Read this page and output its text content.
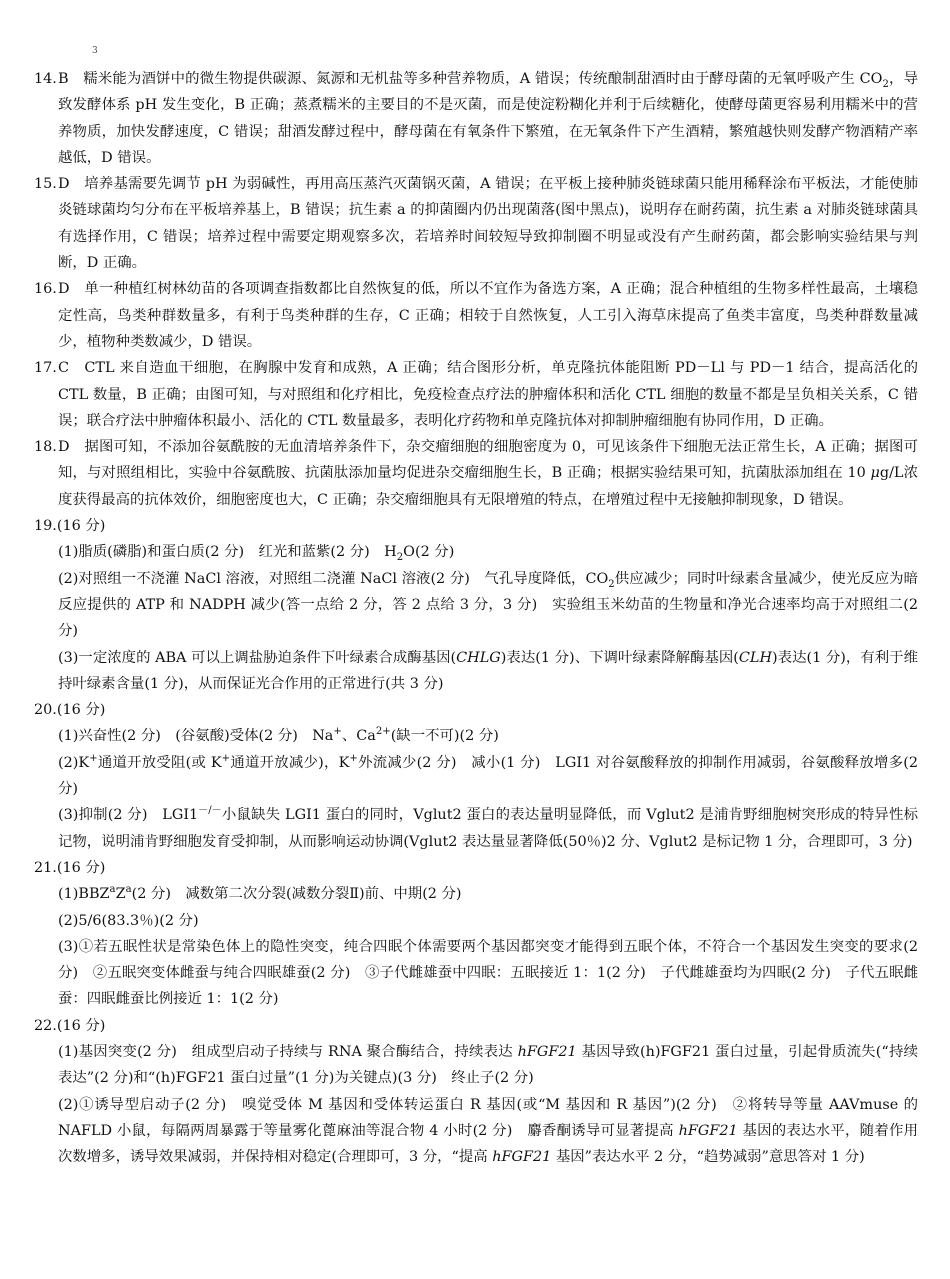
3
14. B　糯米能为酒饼中的微生物提供碳源、氮源和无机盐等多种营养物质，A 错误；传统酿制甜酒时由于酵母菌的无氧呼吸产生 $CO_2$，导致发酵体系 pH 发生变化，B 正确；蒸煮糯米的主要目的不是灭菌，而是使淀粉糊化并利于后续糖化，使酵母菌更容易利用糯米中的营养物质，加快发酵速度，C 错误；甜酒发酵过程中，酵母菌在有氧条件下繁殖，在无氧条件下产生酒精，繁殖越快则发酵产物酒精产率越低，D 错误。
15. D　培养基需要先调节 pH 为弱碱性，再用高压蒸汽灭菌锅灭菌，A 错误；在平板上接种肺炎链球菌只能用稀释涂布平板法，才能使肺炎链球菌均匀分布在平板培养基上，B 错误；抗生素 a 的抑菌圈内仍出现菌落(图中黑点)，说明存在耐药菌，抗生素 a 对肺炎链球菌具有选择作用，C 错误；培养过程中需要定期观察多次，若培养时间较短导致抑制圈不明显或没有产生耐药菌，都会影响实验结果与判断，D 正确。
16. D　单一种植红树林幼苗的各项调查指数都比自然恢复的低，所以不宜作为备选方案，A 正确；混合种植组的生物多样性最高，土壤稳定性高，鸟类种群数量多，有利于鸟类种群的生存，C 正确；相较于自然恢复，人工引入海草床提高了鱼类丰富度，鸟类种群数量减少，植物种类数减少，D 错误。
17. C　CTL 来自造血干细胞，在胸腺中发育和成熟，A 正确；结合图形分析，单克隆抗体能阻断 PD－Ll 与 PD－1 结合，提高活化的 CTL 数量，B 正确；由图可知，与对照组和化疗相比，免疫检查点疗法的肿瘤体积和活化 CTL 细胞的数量不都是呈负相关关系，C 错误；联合疗法中肿瘤体积最小、活化的 CTL 数量最多，表明化疗药物和单克隆抗体对抑制肿瘤细胞有协同作用，D 正确。
18. D　据图可知，不添加谷氨酰胺的无血清培养条件下，杂交瘤细胞的细胞密度为 0，可见该条件下细胞无法正常生长，A 正确；据图可知，与对照组相比，实验中谷氨酰胺、抗菌肽添加量均促进杂交瘤细胞生长，B 正确；根据实验结果可知，抗菌肽添加组在 10 μg/L浓度获得最高的抗体效价，细胞密度也大，C 正确；杂交瘤细胞具有无限增殖的特点，在增殖过程中无接触抑制现象，D 错误。
19.(16 分)
(1)脂质(磷脂)和蛋白质(2 分)　红光和蓝紫(2 分)　$H_2O(2$ 分)
(2)对照组一不浇灌 NaCl 溶液，对照组二浇灌 NaCl 溶液(2 分)　气孔导度降低，$CO_2$供应减少；同时叶绿素含量减少，使光反应为暗反应提供的 ATP 和 NADPH 减少(答一点给 2 分，答 2 点给 3 分，3 分)　实验组玉米幼苗的生物量和净光合速率均高于对照组二(2 分)
(3)一定浓度的 ABA 可以上调盐胁迫条件下叶绿素合成酶基因(CHLG)表达(1 分)、下调叶绿素降解酶基因(CLH)表达(1 分)，有利于维持叶绿素含量(1 分)，从而保证光合作用的正常进行(共 3 分)
20.(16 分)
(1)兴奋性(2 分)　(谷氨酸)受体(2 分)　Na+、$Ca^{2+}$(缺一不可)(2 分)
(2)K+通道开放受阻(或 K+通道开放减少)，K+外流减少(2 分)　减小(1 分)　LGI1 对谷氨酸释放的抑制作用减弱，谷氨酸释放增多(2 分)
(3)抑制(2 分)　LGI1－/－小鼠缺失 LGI1 蛋白的同时，Vglut2 蛋白的表达量明显降低，而 Vglut2 是浦肯野细胞树突形成的特异性标记物，说明浦肯野细胞发育受抑制，从而影响运动协调(Vglut2 表达量显著降低(50％)2 分、Vglut2 是标记物 1 分，合理即可，3 分)
21.(16 分)
$(1)BBZ^aZ^a(2$ 分)　减数第二次分裂(减数分裂Ⅱ)前、中期(2 分)
(2)5/6(83.3％)(2 分)
(3)①若五眠性状是常染色体上的隐性突变，纯合四眠个体需要两个基因都突变才能得到五眠个体，不符合一个基因发生突变的要求(2 分)　②五眠突变体雌蚕与纯合四眠雄蚕(2 分)　③子代雌雄蚕中四眠：五眠接近 1：1(2 分)　子代雌雄蚕均为四眠(2 分)　子代五眠雌蚕：四眠雌蚕比例接近 1：1(2 分)
22.(16 分)
(1)基因突变(2 分)　组成型启动子持续与 RNA 聚合酶结合，持续表达 hFGF21 基因导致(h)FGF21 蛋白过量，引起骨质流失(“持续表达”(2 分)和“(h)FGF21 蛋白过量”(1 分)为关键点)(3 分)　终止子(2 分)
(2)①诱导型启动子(2 分)　嗅觉受体 M 基因和受体转运蛋白 R 基因(或“M 基因和 R 基因”)(2 分)　②将转导等量 AAVmuse 的 NAFLD 小鼠，每隔两周暴露于等量雾化蓖麻油等混合物 4 小时(2 分)　麝香酮诱导可显著提高 hFGF21 基因的表达水平，随着作用次数增多，诱导效果减弱，并保持相对稳定(合理即可，3 分，“提高 hFGF21 基因”表达水平 2 分，“趋势减弱”意思答对 1 分)
